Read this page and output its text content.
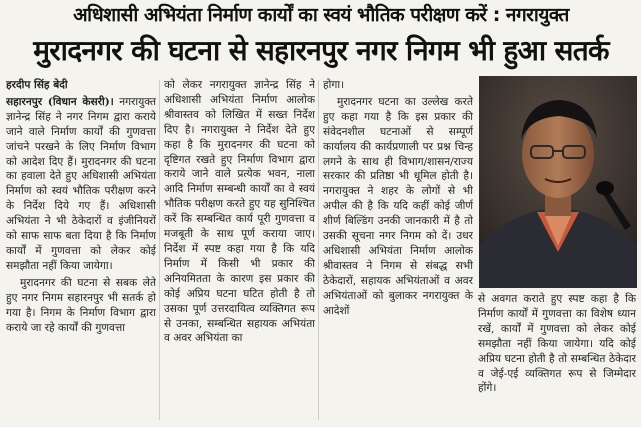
अधिशासी अभियंता निर्माण कार्यों का स्वयं भौतिक परीक्षण करें : नगरायुक्त
मुरादनगर की घटना से सहारनपुर नगर निगम भी हुआ सतर्क

हरदीप सिंह बेदी

सहारनपुर (विधान केसरी)। नगरायुक्त ज्ञानेन्द्र सिंह ने नगर निगम द्वारा कराये जाने वाले निर्माण कार्यों की गुणवत्ता जांचने परखने के लिए निर्माण विभाग को आदेश दिए हैं। मुरादनगर की घटना का हवाला देते हुए अधिशासी अभियंता निर्माण को स्वयं भौतिक परीक्षण करने के निर्देश दिये गए हैं। अधिशासी अभियंता ने भी ठेकेदारों व इंजीनियरों को साफ साफ बता दिया है कि निर्माण कार्यों में गुणवत्ता को लेकर कोई समझौता नहीं किया जायेगा।

मुरादनगर की घटना से सबक लेते हुए नगर निगम सहारनपुर भी सतर्क हो गया है। निगम के निर्माण विभाग द्वारा कराये जा रहे कार्यों की गुणवत्ता

को लेकर नगरायुक्त ज्ञानेन्द्र सिंह ने अधिशासी अभियंता निर्माण आलोक श्रीवास्तव को लिखित में सख्त निर्देश दिए है। नगरायुक्त ने निर्देश देते हुए कहा है कि मुरादनगर की घटना को दृष्टिगत रखते हुए निर्माण विभाग द्वारा कराये जाने वाले प्रत्येक भवन, नाला आदि निर्माण सम्बन्धी कार्यों का वे स्वयं भौतिक परीक्षण करते हुए यह सुनिश्चित करें कि सम्बन्धित कार्य पूरी गुणवत्ता व मजबूती के साथ पूर्ण कराया जाए। निर्देश में स्पष्ट कहा गया है कि यदि निर्माण में किसी भी प्रकार की अनियमितता के कारण इस प्रकार की कोई अप्रिय घटना घटित होती है तो उसका पूर्ण उत्तरदायित्व व्यक्तिगत रूप से उनका, सम्बन्धित सहायक अभियंता व अवर अभियंता का

होगा।

मुरादनगर घटना का उल्लेख करते हुए कहा गया है कि इस प्रकार की संवेदनशील घटनाओं से सम्पूर्ण कार्यालय की कार्यप्रणाली पर प्रश्न चिन्ह लगने के साथ ही विभाग/शासन/राज्य सरकार की प्रतिष्ठा भी धूमिल होती है। नगरायुक्त ने शहर के लोगों से भी अपील की है कि यदि कहीं कोई जीर्ण शीर्ण बिल्डिंग उनकी जानकारी में है तो उसकी सूचना नगर निगम को दें। उधर अधिशासी अभियंता निर्माण आलोक श्रीवास्तव ने निगम से संबद्ध सभी ठेकेदारों, सहायक अभियंताओं व अवर अभियंताओं को बुलाकर नगरायुक्त के आदेशों

से अवगत कराते हुए स्पष्ट कहा है कि निर्माण कार्यों में गुणवत्ता का विशेष ध्यान रखें, कार्यों में गुणवत्ता को लेकर कोई समझौता नहीं किया जायेगा। यदि कोई अप्रिय घटना होती है तो सम्बन्धित ठेकेदार व जेई-एई व्यक्तिगत रूप से जिम्मेदार होंगे।
